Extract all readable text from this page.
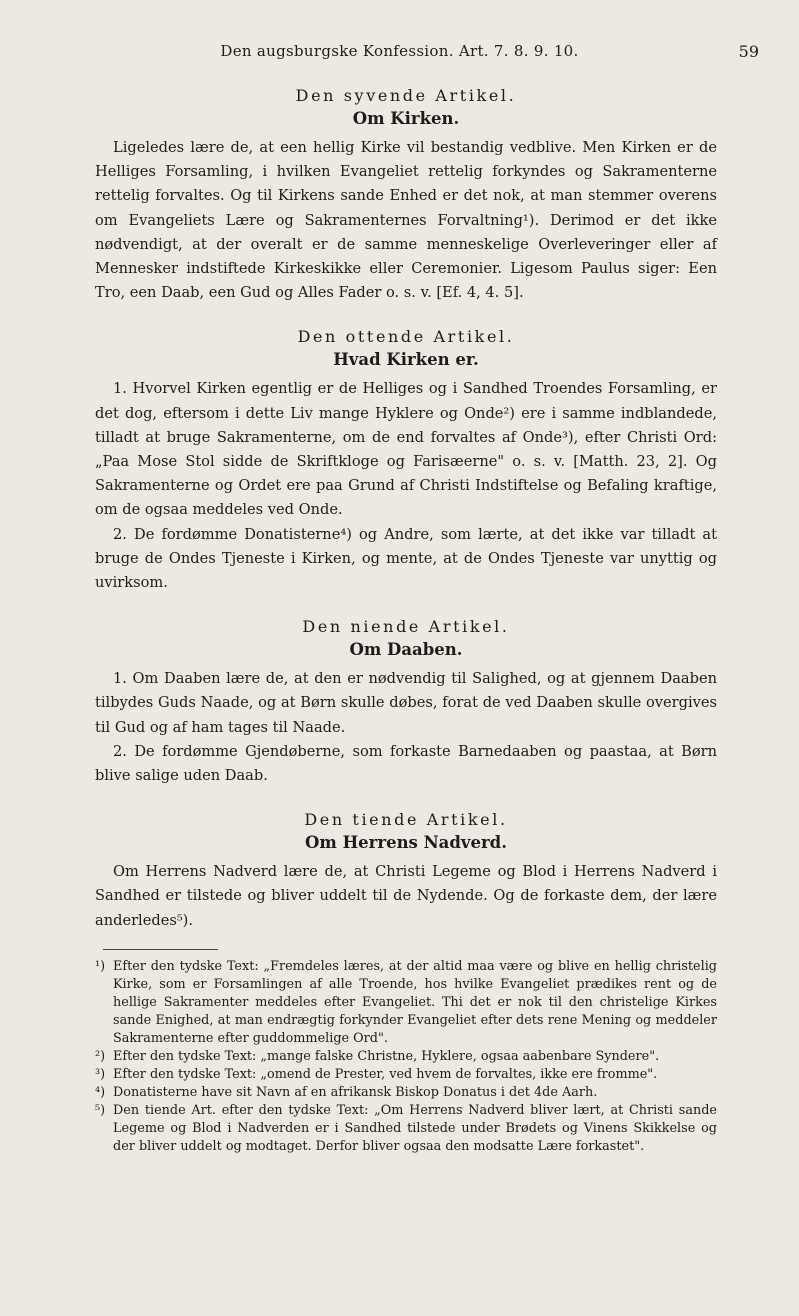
Den augsburgske Konfession. Art. 7. 8. 9. 10.	59
Den syvende Artikel.
Om Kirken.

Ligeledes lære de, at een hellig Kirke vil bestandig vedblive. Men Kirken er de Helliges Forsamling, i hvilken Evangeliet rettelig forkyndes og Sakramenterne rettelig forvaltes. Og til Kirkens sande Enhed er det nok, at man stemmer overens om Evangeliets Lære og Sakramenternes Forvaltning¹). Derimod er det ikke nødvendigt, at der overalt er de samme menneskelige Overleveringer eller af Mennesker indstiftede Kirkeskikke eller Ceremonier. Ligesom Paulus siger: Een Tro, een Daab, een Gud og Alles Fader o. s. v. [Ef. 4, 4. 5].

Den ottende Artikel.
Hvad Kirken er.

1. Hvorvel Kirken egentlig er de Helliges og i Sandhed Troendes Forsamling, er det dog, eftersom i dette Liv mange Hyklere og Onde²) ere i samme indblandede, tilladt at bruge Sakramenterne, om de end forvaltes af Onde³), efter Christi Ord: „Paa Mose Stol sidde de Skriftkloge og Farisæerne" o. s. v. [Matth. 23, 2]. Og Sakramenterne og Ordet ere paa Grund af Christi Indstiftelse og Befaling kraftige, om de ogsaa meddeles ved Onde.

2. De fordømme Donatisterne⁴) og Andre, som lærte, at det ikke var tilladt at bruge de Ondes Tjeneste i Kirken, og mente, at de Ondes Tjeneste var unyttig og uvirksom.

Den niende Artikel.
Om Daaben.

1. Om Daaben lære de, at den er nødvendig til Salighed, og at gjennem Daaben tilbydes Guds Naade, og at Børn skulle døbes, forat de ved Daaben skulle overgives til Gud og af ham tages til Naade.

2. De fordømme Gjendøberne, som forkaste Barnedaaben og paastaa, at Børn blive salige uden Daab.

Den tiende Artikel.
Om Herrens Nadverd.

Om Herrens Nadverd lære de, at Christi Legeme og Blod i Herrens Nadverd i Sandhed er tilstede og bliver uddelt til de Nydende. Og de forkaste dem, der lære anderledes⁵).

¹) Efter den tydske Text: „Fremdeles læres, at der altid maa være og blive en hellig christelig Kirke, som er Forsamlingen af alle Troende, hos hvilke Evangeliet prædikes rent og de hellige Sakramenter meddeles efter Evangeliet. Thi det er nok til den christelige Kirkes sande Enighed, at man endrægtig forkynder Evangeliet efter dets rene Mening og meddeler Sakramenterne efter guddommelige Ord".

²) Efter den tydske Text: „mange falske Christne, Hyklere, ogsaa aabenbare Syndere".

³) Efter den tydske Text: „omend de Prester, ved hvem de forvaltes, ikke ere fromme".

⁴) Donatisterne have sit Navn af en afrikansk Biskop Donatus i det 4de Aarh.

⁵) Den tiende Art. efter den tydske Text: „Om Herrens Nadverd bliver lært, at Christi sande Legeme og Blod i Nadverden er i Sandhed tilstede under Brødets og Vinens Skikkelse og der bliver uddelt og modtaget. Derfor bliver ogsaa den modsatte Lære forkastet".
